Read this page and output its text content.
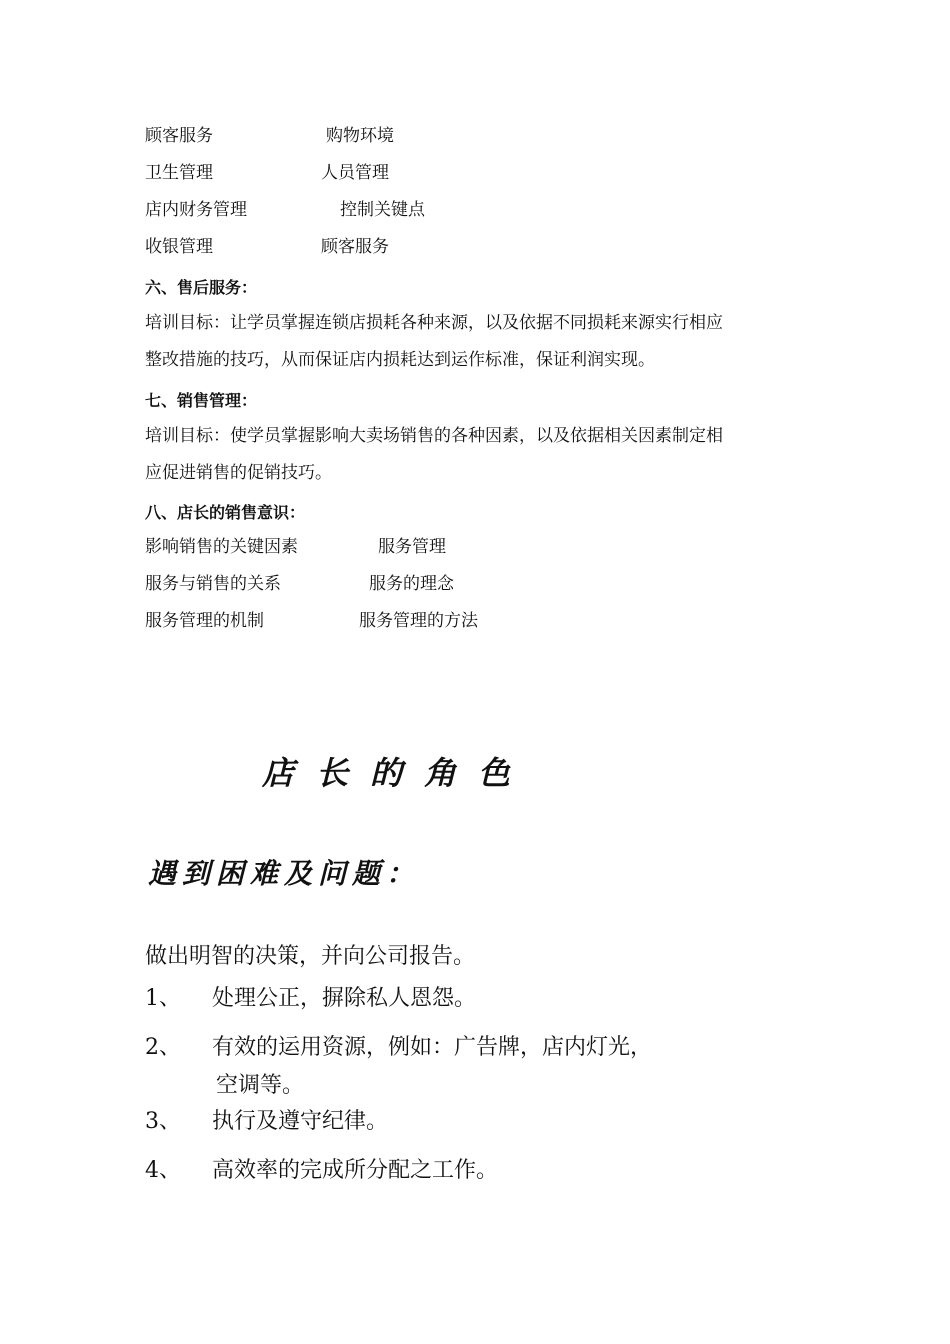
顾客服务	购物环境
卫生管理	人员管理
店内财务管理	控制关键点
收银管理	顾客服务
六、售后服务：
培训目标：让学员掌握连锁店损耗各种来源，以及依据不同损耗来源实行相应
整改措施的技巧，从而保证店内损耗达到运作标准，保证利润实现。
七、销售管理：
培训目标：使学员掌握影响大卖场销售的各种因素，以及依据相关因素制定相
应促进销售的促销技巧。
八、店长的销售意识：
影响销售的关键因素	服务管理
服务与销售的关系	服务的理念
服务管理的机制	服务管理的方法
店长的角色
遇到困难及问题：
做出明智的决策，并向公司报告。
1、 处理公正，摒除私人恩怨。
2、 有效的运用资源，例如：广告牌，店内灯光，
空调等。
3、 执行及遵守纪律。
4、 高效率的完成所分配之工作。
